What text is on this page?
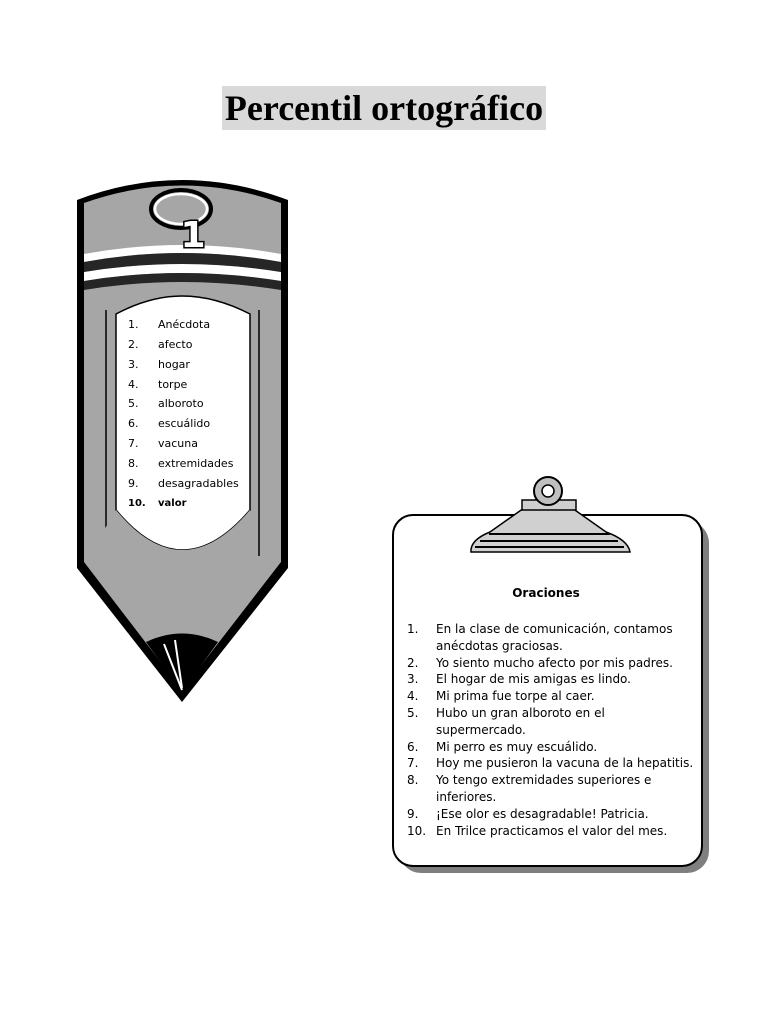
Percentil ortográfico
1
1. Anécdota
2. afecto
3. hogar
4. torpe
5. alboroto
6. escuálido
7. vacuna
8. extremidades
9. desagradables
10. valor
Oraciones
1.	En la clase de comunicación, contamos anécdotas graciosas.
2.	Yo siento mucho afecto por mis padres.
3.	El hogar de mis amigas es lindo.
4.	Mi prima fue torpe al caer.
5.	Hubo un gran alboroto en el supermercado.
6.	Mi perro es muy escuálido.
7.	Hoy me pusieron la vacuna de la hepatitis.
8.	Yo tengo extremidades superiores e inferiores.
9.	¡Ese olor es desagradable! Patricia.
10. En Trilce practicamos el valor del mes.
